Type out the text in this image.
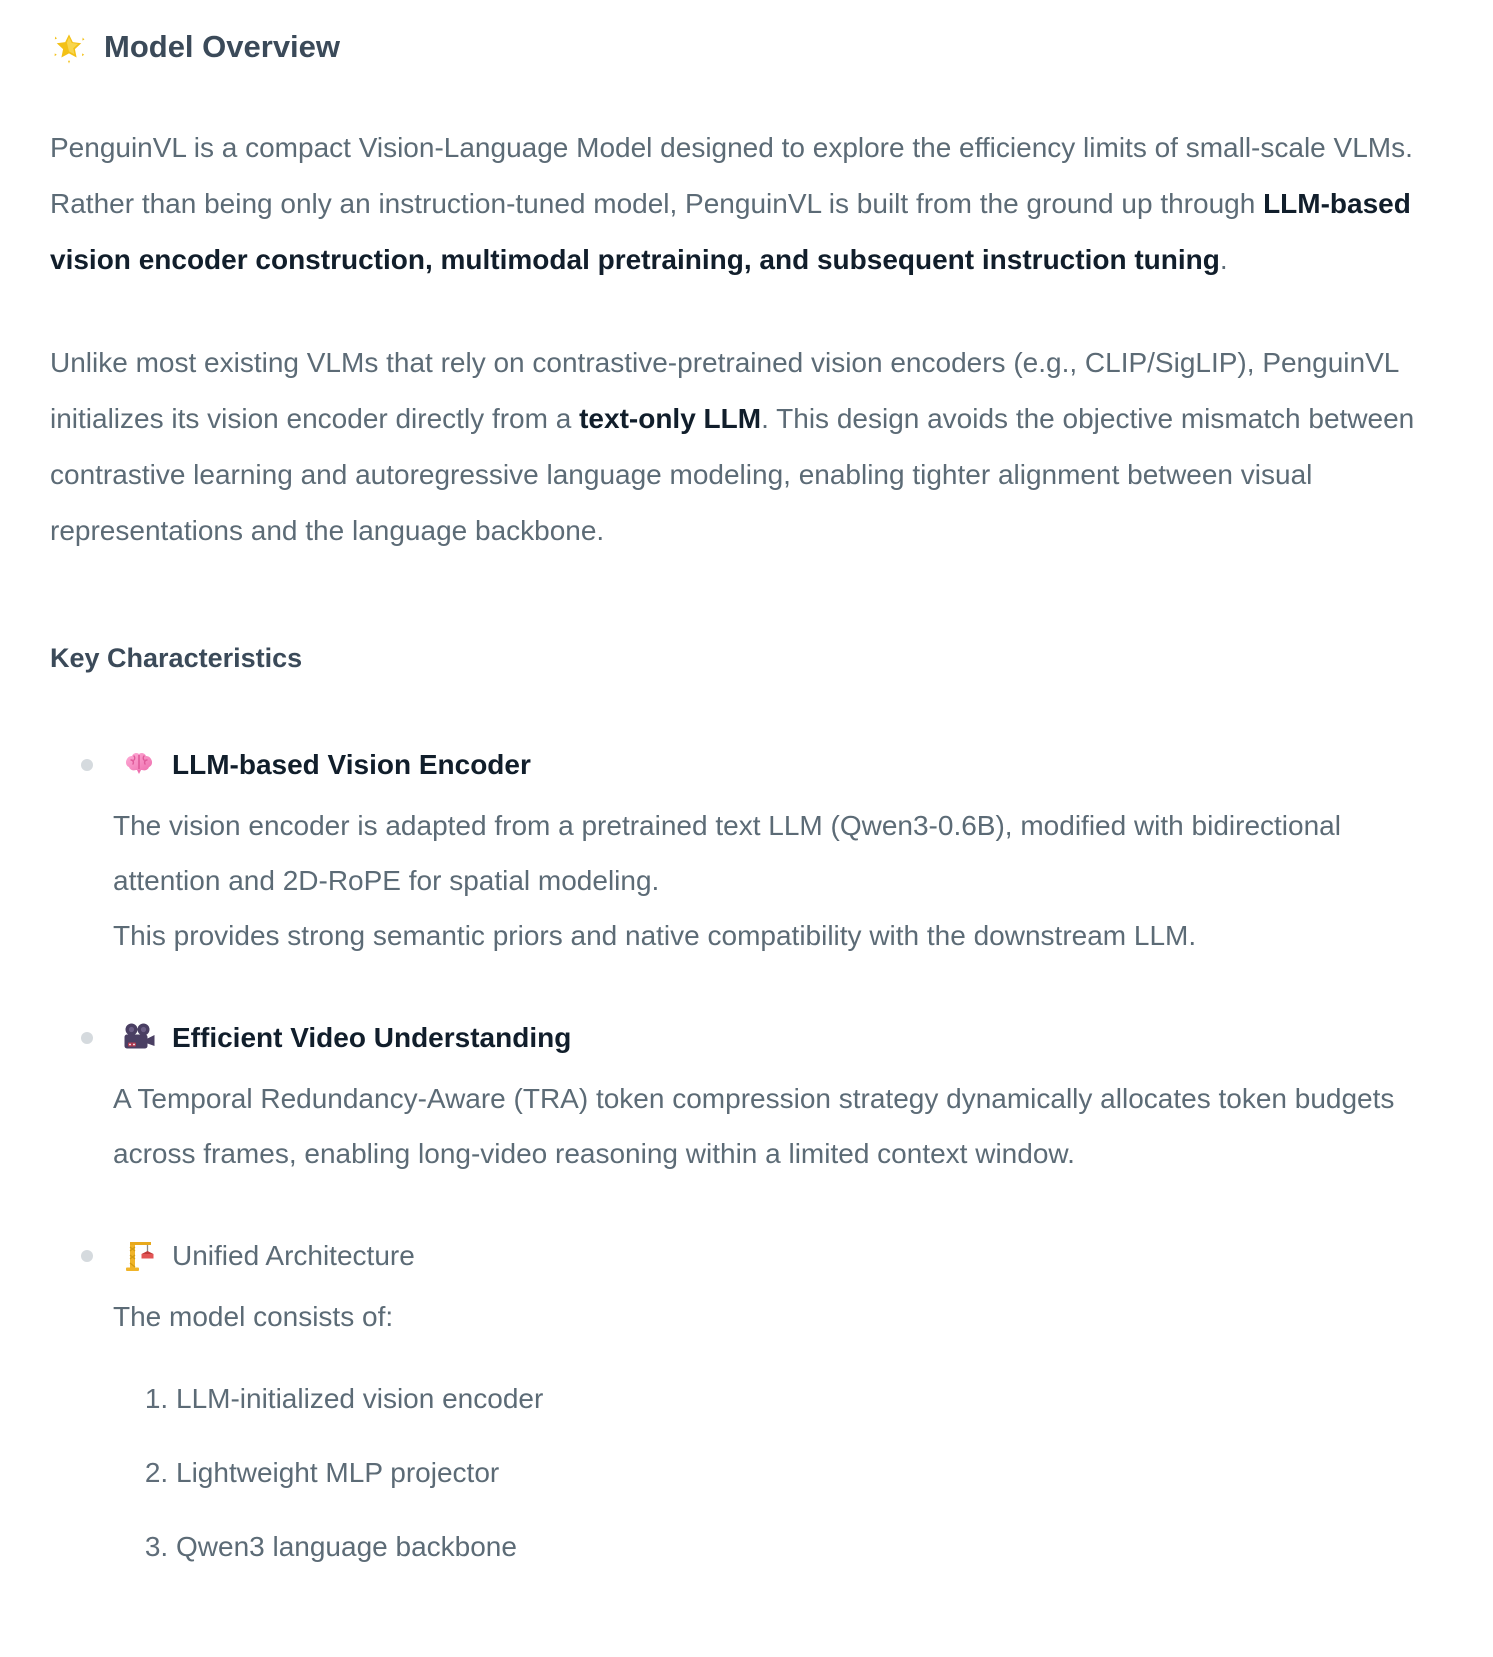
Model Overview

PenguinVL is a compact Vision-Language Model designed to explore the efficiency limits of small-scale VLMs. Rather than being only an instruction-tuned model, PenguinVL is built from the ground up through LLM-based vision encoder construction, multimodal pretraining, and subsequent instruction tuning.

Unlike most existing VLMs that rely on contrastive-pretrained vision encoders (e.g., CLIP/SigLIP), PenguinVL initializes its vision encoder directly from a text-only LLM. This design avoids the objective mismatch between contrastive learning and autoregressive language modeling, enabling tighter alignment between visual representations and the language backbone.

Key Characteristics
LLM-based Vision Encoder
The vision encoder is adapted from a pretrained text LLM (Qwen3-0.6B), modified with bidirectional attention and 2D-RoPE for spatial modeling.
This provides strong semantic priors and native compatibility with the downstream LLM.
Efficient Video Understanding
A Temporal Redundancy-Aware (TRA) token compression strategy dynamically allocates token budgets across frames, enabling long-video reasoning within a limited context window.
Unified Architecture
The model consists of:
1. LLM-initialized vision encoder
2. Lightweight MLP projector
3. Qwen3 language backbone
